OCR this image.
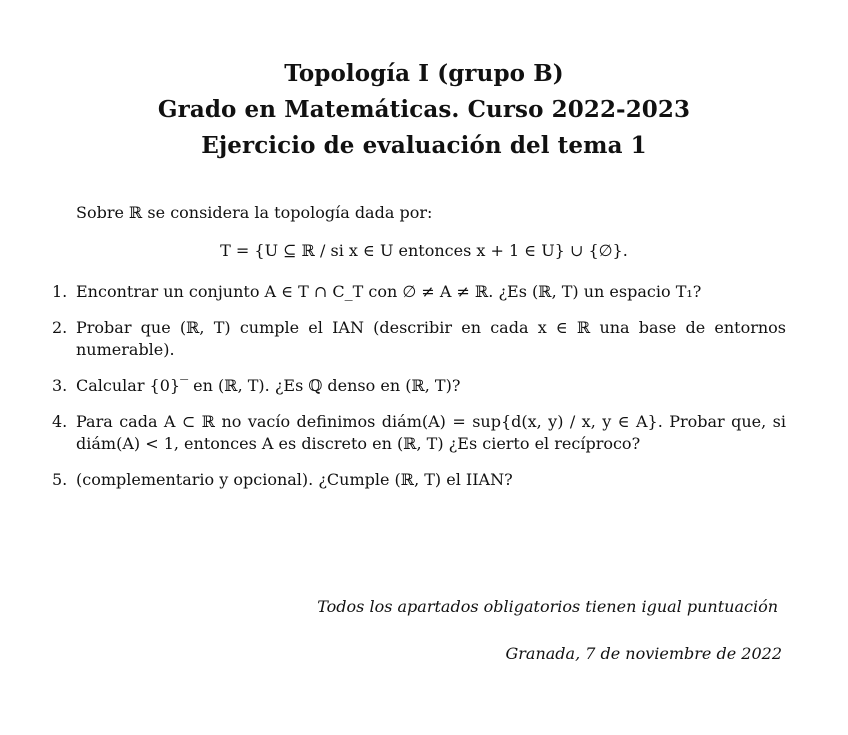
Topología I (grupo B)
Grado en Matemáticas. Curso 2022-2023
Ejercicio de evaluación del tema 1
Sobre ℝ se considera la topología dada por:
T = {U ⊆ ℝ / si x ∈ U entonces x + 1 ∈ U} ∪ {∅}.
1. Encontrar un conjunto A ∈ T ∩ C_T con ∅ ≠ A ≠ ℝ. ¿Es (ℝ, T) un espacio T₁?
2. Probar que (ℝ, T) cumple el IAN (describir en cada x ∈ ℝ una base de entornos numerable).
3. Calcular {0}‾ en (ℝ, T). ¿Es ℚ denso en (ℝ, T)?
4. Para cada A ⊂ ℝ no vacío definimos diám(A) = sup{d(x, y) / x, y ∈ A}. Probar que, si diám(A) < 1, entonces A es discreto en (ℝ, T) ¿Es cierto el recíproco?
5. (complementario y opcional). ¿Cumple (ℝ, T) el IIAN?
Todos los apartados obligatorios tienen igual puntuación
Granada, 7 de noviembre de 2022
